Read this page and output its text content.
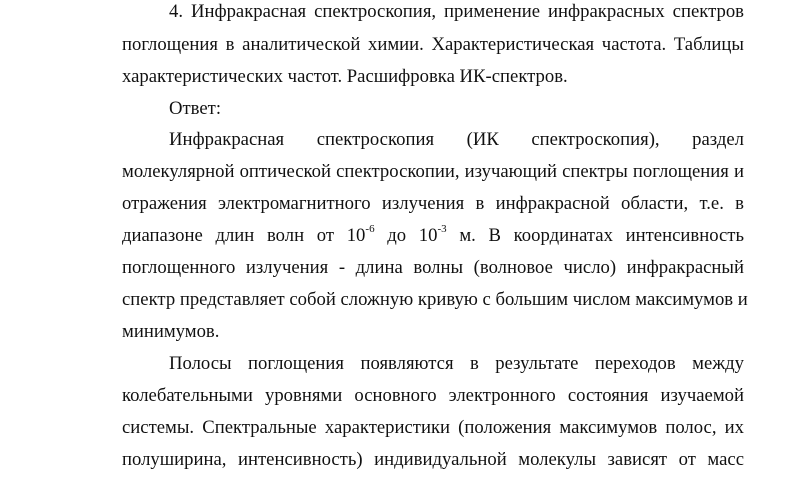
4. Инфракрасная спектроскопия, применение инфракрасных спектров
поглощения в аналитической химии. Характеристическая частота. Таблицы
характеристических частот. Расшифровка ИК-спектров.
Ответ:
Инфракрасная спектроскопия (ИК спектроскопия), раздел
молекулярной оптической спектроскопии, изучающий спектры поглощения и
отражения электромагнитного излучения в инфракрасной области, т.е. в
диапазоне длин волн от $10^{-6}$ до $10^{-3}$ м. В координатах интенсивность
поглощенного излучения - длина волны (волновое число) инфракрасный
спектр представляет собой сложную кривую с большим числом максимумов и
минимумов.
Полосы поглощения появляются в результате переходов между
колебательными уровнями основного электронного состояния изучаемой
системы. Спектральные характеристики (положения максимумов полос, их
полуширина, интенсивность) индивидуальной молекулы зависят от масс
